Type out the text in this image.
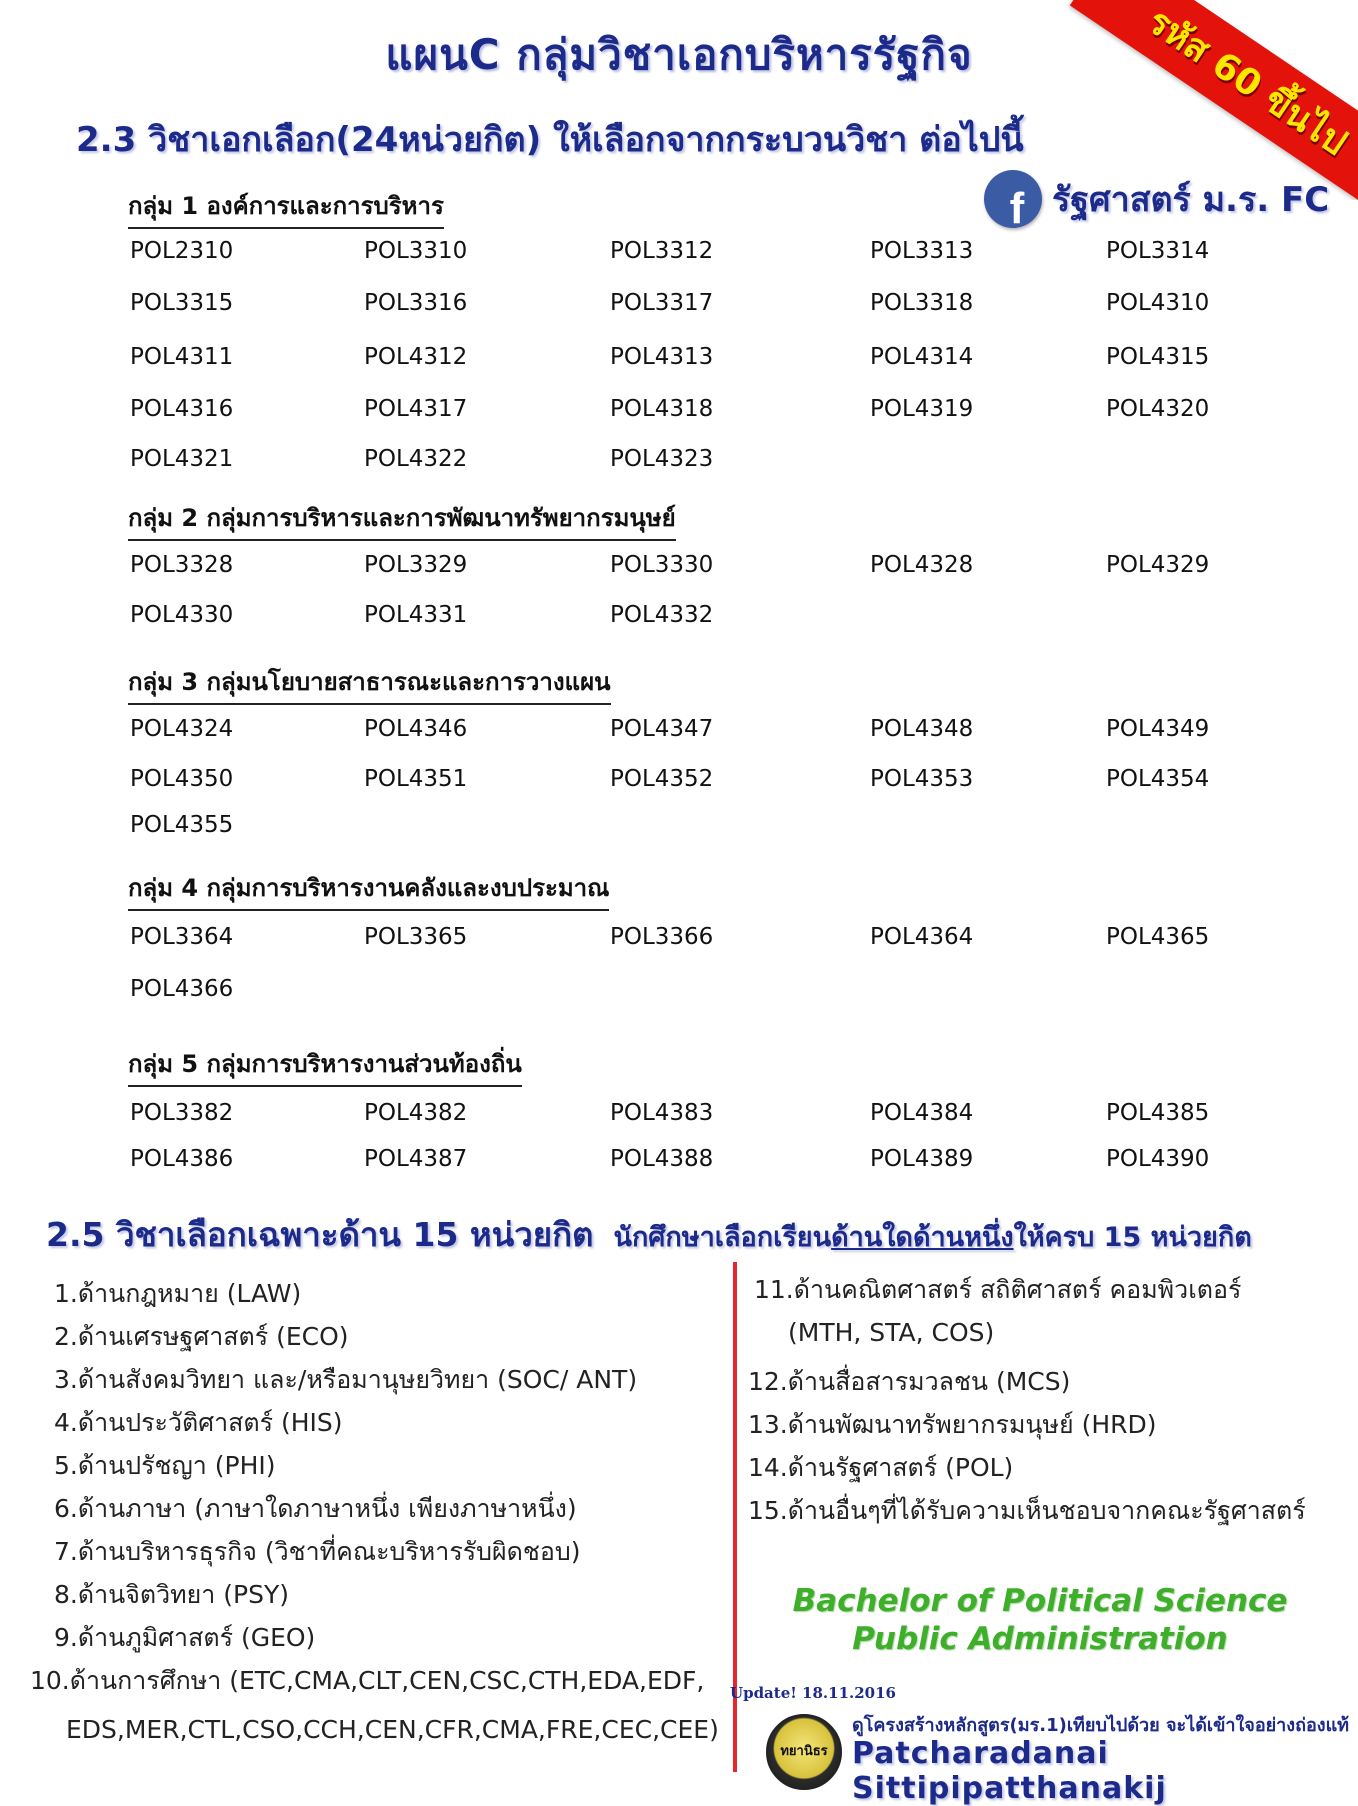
แผนC กลุ่มวิชาเอกบริหารรัฐกิจ	รหัส 60 ขึ้นไป
2.3 วิชาเอกเลือก(24หน่วยกิต) ให้เลือกจากกระบวนวิชา ต่อไปนี้
f รัฐศาสตร์ ม.ร. FC
กลุ่ม 1 องค์การและการบริหาร
POL2310	POL3310	POL3312	POL3313	POL3314
POL3315	POL3316	POL3317	POL3318	POL4310
POL4311	POL4312	POL4313	POL4314	POL4315
POL4316	POL4317	POL4318	POL4319	POL4320
POL4321	POL4322	POL4323
กลุ่ม 2 กลุ่มการบริหารและการพัฒนาทรัพยากรมนุษย์
POL3328	POL3329	POL3330	POL4328	POL4329
POL4330	POL4331	POL4332
กลุ่ม 3 กลุ่มนโยบายสาธารณะและการวางแผน
POL4324	POL4346	POL4347	POL4348	POL4349
POL4350	POL4351	POL4352	POL4353	POL4354
POL4355
กลุ่ม 4 กลุ่มการบริหารงานคลังและงบประมาณ
POL3364	POL3365	POL3366	POL4364	POL4365
POL4366
กลุ่ม 5 กลุ่มการบริหารงานส่วนท้องถิ่น
POL3382	POL4382	POL4383	POL4384	POL4385
POL4386	POL4387	POL4388	POL4389	POL4390
2.5 วิชาเลือกเฉพาะด้าน 15 หน่วยกิต นักศึกษาเลือกเรียนด้านใดด้านหนึ่งให้ครบ 15 หน่วยกิต
1.ด้านกฎหมาย (LAW)
2.ด้านเศรษฐศาสตร์ (ECO)
3.ด้านสังคมวิทยา และ/หรือมานุษยวิทยา (SOC/ ANT)
4.ด้านประวัติศาสตร์ (HIS)
5.ด้านปรัชญา (PHI)
6.ด้านภาษา (ภาษาใดภาษาหนึ่ง เพียงภาษาหนึ่ง)
7.ด้านบริหารธุรกิจ (วิชาที่คณะบริหารรับผิดชอบ)
8.ด้านจิตวิทยา (PSY)
9.ด้านภูมิศาสตร์ (GEO)
10.ด้านการศึกษา (ETC,CMA,CLT,CEN,CSC,CTH,EDA,EDF,
EDS,MER,CTL,CSO,CCH,CEN,CFR,CMA,FRE,CEC,CEE)
11.ด้านคณิตศาสตร์ สถิติศาสตร์ คอมพิวเตอร์
(MTH, STA, COS)
12.ด้านสื่อสารมวลชน (MCS)
13.ด้านพัฒนาทรัพยากรมนุษย์ (HRD)
14.ด้านรัฐศาสตร์ (POL)
15.ด้านอื่นๆที่ได้รับความเห็นชอบจากคณะรัฐศาสตร์
Bachelor of Political Science
Public Administration
Update! 18.11.2016
ทยานิธร
ดูโครงสร้างหลักสูตร(มร.1)เทียบไปด้วย จะได้เข้าใจอย่างถ่องแท้
Patcharadanai Sittipipatthanakij
